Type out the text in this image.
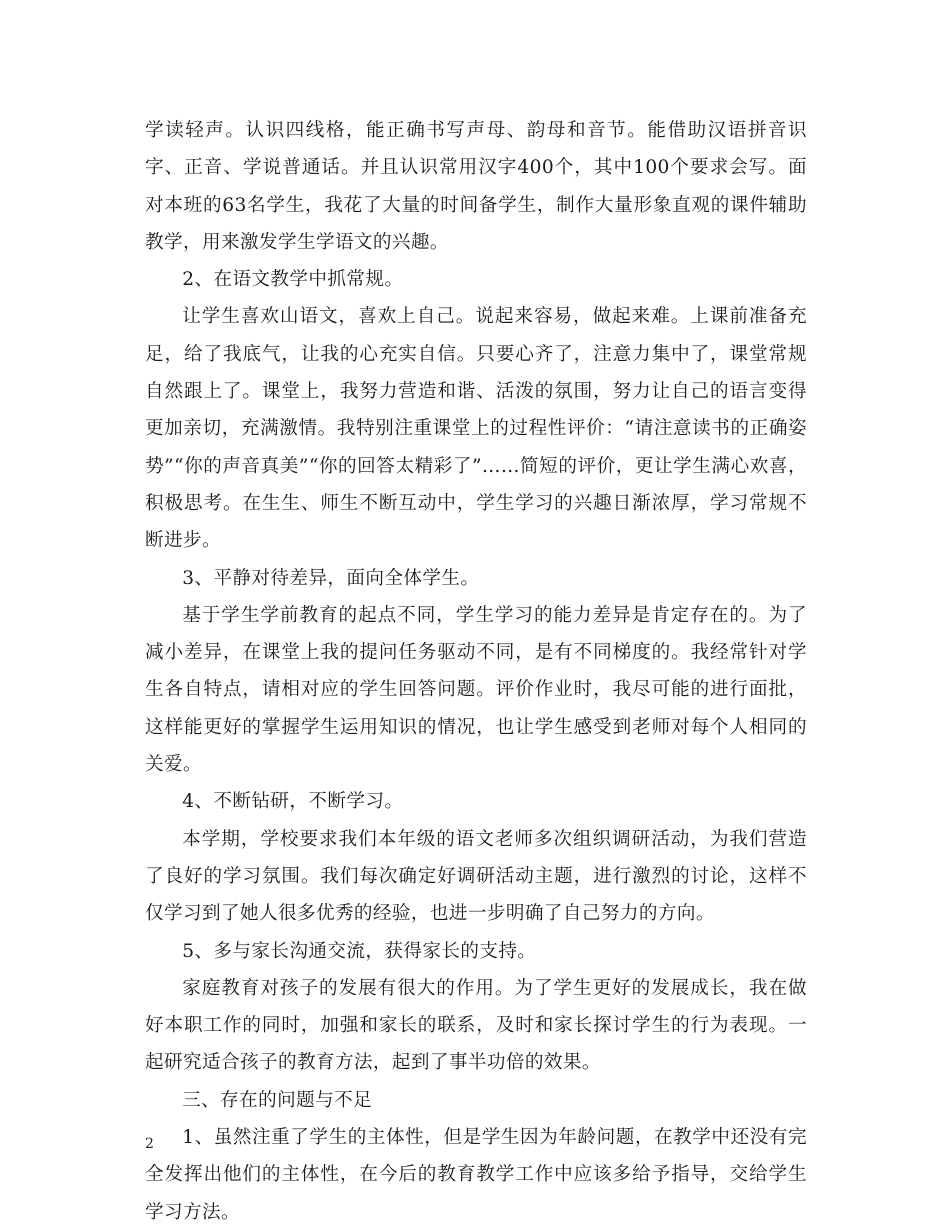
学读轻声。认识四线格，能正确书写声母、韵母和音节。能借助汉语拼音识字、正音、学说普通话。并且认识常用汉字400个，其中100个要求会写。面对本班的63名学生，我花了大量的时间备学生，制作大量形象直观的课件辅助教学，用来激发学生学语文的兴趣。

2、在语文教学中抓常规。

让学生喜欢山语文，喜欢上自己。说起来容易，做起来难。上课前准备充足，给了我底气，让我的心充实自信。只要心齐了，注意力集中了，课堂常规自然跟上了。课堂上，我努力营造和谐、活泼的氛围，努力让自己的语言变得更加亲切，充满激情。我特别注重课堂上的过程性评价：“请注意读书的正确姿势”“你的声音真美”“你的回答太精彩了”……简短的评价，更让学生满心欢喜，积极思考。在生生、师生不断互动中，学生学习的兴趣日渐浓厚，学习常规不断进步。

3、平静对待差异，面向全体学生。

基于学生学前教育的起点不同，学生学习的能力差异是肯定存在的。为了减小差异，在课堂上我的提问任务驱动不同，是有不同梯度的。我经常针对学生各自特点，请相对应的学生回答问题。评价作业时，我尽可能的进行面批，这样能更好的掌握学生运用知识的情况，也让学生感受到老师对每个人相同的关爱。

4、不断钻研，不断学习。

本学期，学校要求我们本年级的语文老师多次组织调研活动，为我们营造了良好的学习氛围。我们每次确定好调研活动主题，进行激烈的讨论，这样不仅学习到了她人很多优秀的经验，也进一步明确了自己努力的方向。

5、多与家长沟通交流，获得家长的支持。

家庭教育对孩子的发展有很大的作用。为了学生更好的发展成长，我在做好本职工作的同时，加强和家长的联系，及时和家长探讨学生的行为表现。一起研究适合孩子的教育方法，起到了事半功倍的效果。

三、存在的问题与不足

1、虽然注重了学生的主体性，但是学生因为年龄问题，在教学中还没有完全发挥出他们的主体性，在今后的教育教学工作中应该多给予指导，交给学生学习方法。

2
